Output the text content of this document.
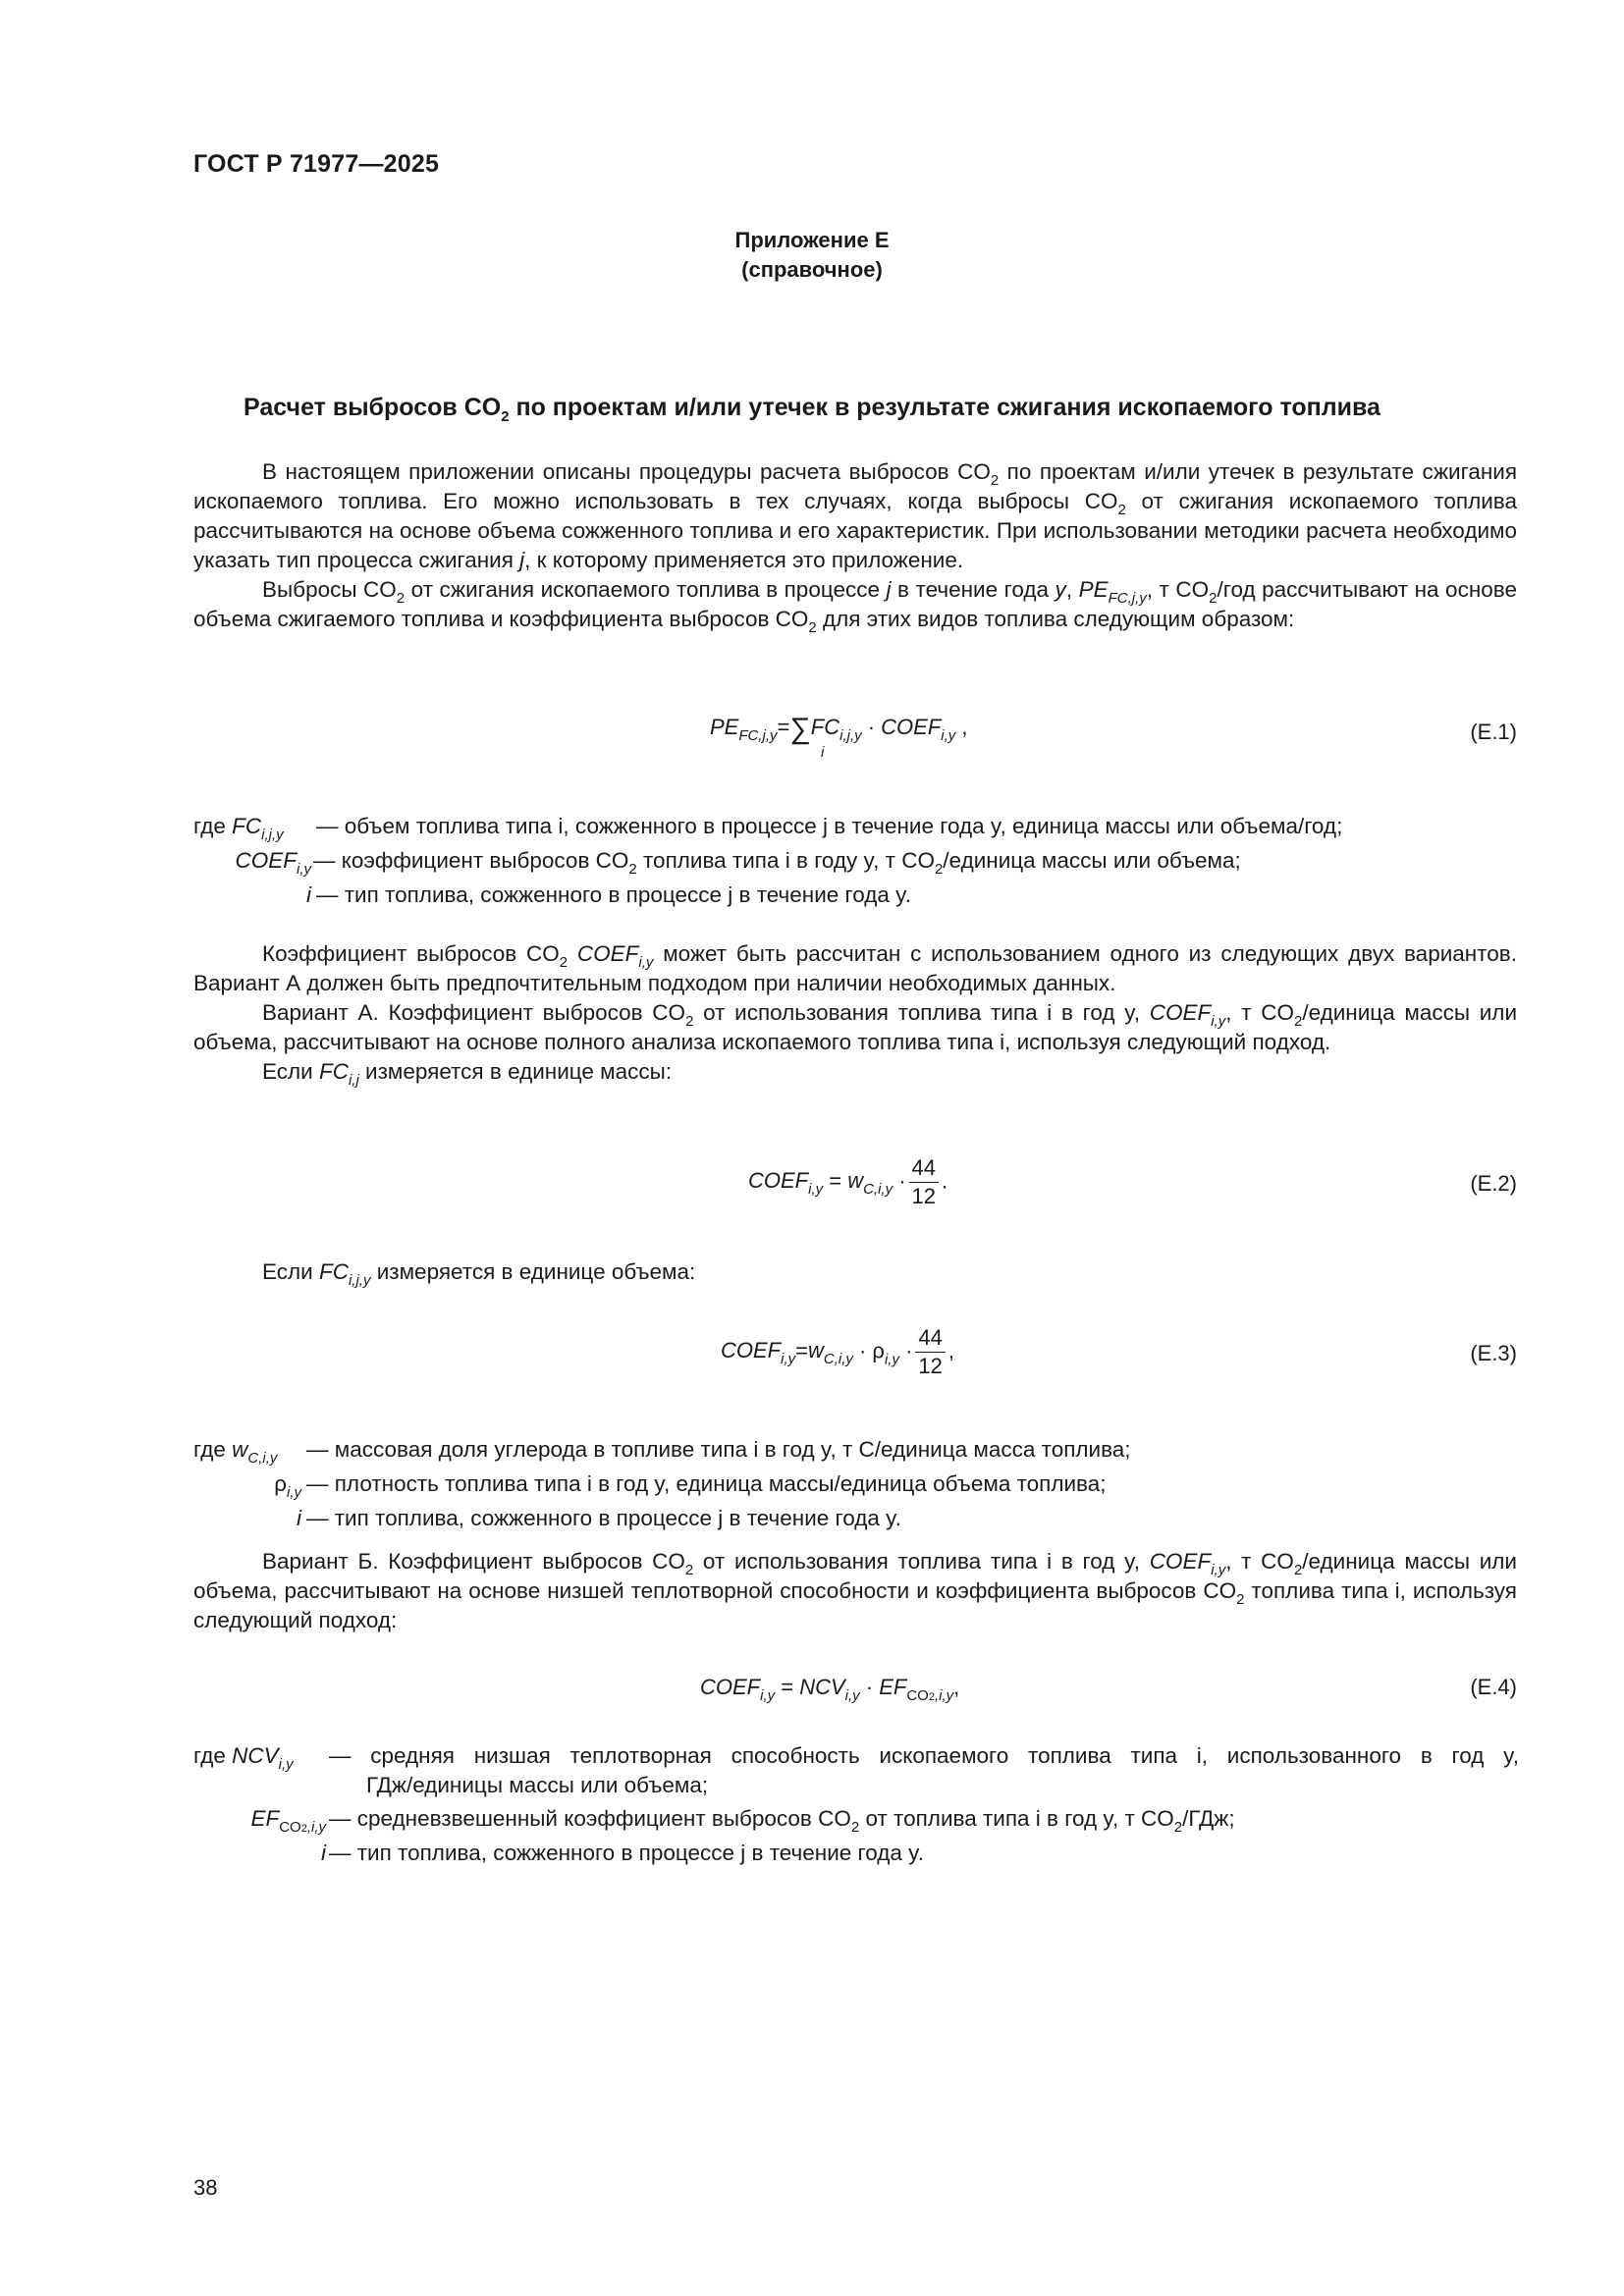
ГОСТ Р 71977—2025
Приложение Е
(справочное)
Расчет выбросов $CO_2$ по проектам и/или утечек в результате сжигания ископаемого топлива

В настоящем приложении описаны процедуры расчета выбросов $CO_2$ по проектам и/или утечек в результате сжигания ископаемого топлива. Его можно использовать в тех случаях, когда выбросы $CO_2$ от сжигания ископаемого топлива рассчитываются на основе объема сожженного топлива и его характеристик. При использовании методики расчета необходимо указать тип процесса сжигания j, к которому применяется это приложение.

Выбросы $CO_2$ от сжигания ископаемого топлива в процессе j в течение года y, $PE_{FC,j,y}$, т $CO_2$/год рассчитывают на основе объема сжигаемого топлива и коэффициента выбросов $CO_2$ для этих видов топлива следующим образом:

$PE_{FC,j,y}=\sum$
i
$FC_{i,j,y}$ · $COEF_{i,y}$ ,	(Е.1)
где $FC_{i,j,y}$	— объем топлива типа i, сожженного в процессе j в течение года y, единица массы или объема/год;
$COEF_{i,y}$ — коэффициент выбросов $CO_2$ топлива типа i в году y, т $CO_2$/единица массы или объема;
i — тип топлива, сожженного в процессе j в течение года y.

Коэффициент выбросов $CO_2$ $COEF_{i,y}$ может быть рассчитан с использованием одного из следующих двух вариантов. Вариант А должен быть предпочтительным подходом при наличии необходимых данных.

Вариант А. Коэффициент выбросов $CO_2$ от использования топлива типа i в год y, $COEF_{i,y}$, т $CO_2$/единица массы или объема, рассчитывают на основе полного анализа ископаемого топлива типа i, используя следующий подход.

Если $FC_{i,j}$ измеряется в единице массы:

$COEF_{i,y} = w_{C,i,y} \cdot \frac{44}{12}$ .	(Е.2)

Если $FC_{i,j,y}$ измеряется в единице объема:

$COEF_{i,y}=w_{C,i,y} \cdot \rho_{i,y} \cdot \frac{44}{12}$ ,	(Е.3)
где $w_{C,i,y}$	— массовая доля углерода в топливе типа i в год y, т С/единица масса топлива;
$\rho_{i,y}$ — плотность топлива типа i в год y, единица массы/единица объема топлива;
i — тип топлива, сожженного в процессе j в течение года y.

Вариант Б. Коэффициент выбросов $CO_2$ от использования топлива типа i в год y, $COEF_{i,y}$, т $CO_2$/единица массы или объема, рассчитывают на основе низшей теплотворной способности и коэффициента выбросов $CO_2$ топлива типа i, используя следующий подход:

$COEF_{i,y} = NCV_{i,y} \cdot EF_{CO2,i,y}$,	(Е.4)
где $NCV_{i,y}$	— средняя низшая теплотворная способность ископаемого топлива типа i, использованного в год y,
ГДж/единицы массы или объема;
$EF_{CO2,i,y}$ — средневзвешенный коэффициент выбросов $CO_2$ от топлива типа i в год y, т $CO_2$/ГДж;
i — тип топлива, сожженного в процессе j в течение года y.
38
